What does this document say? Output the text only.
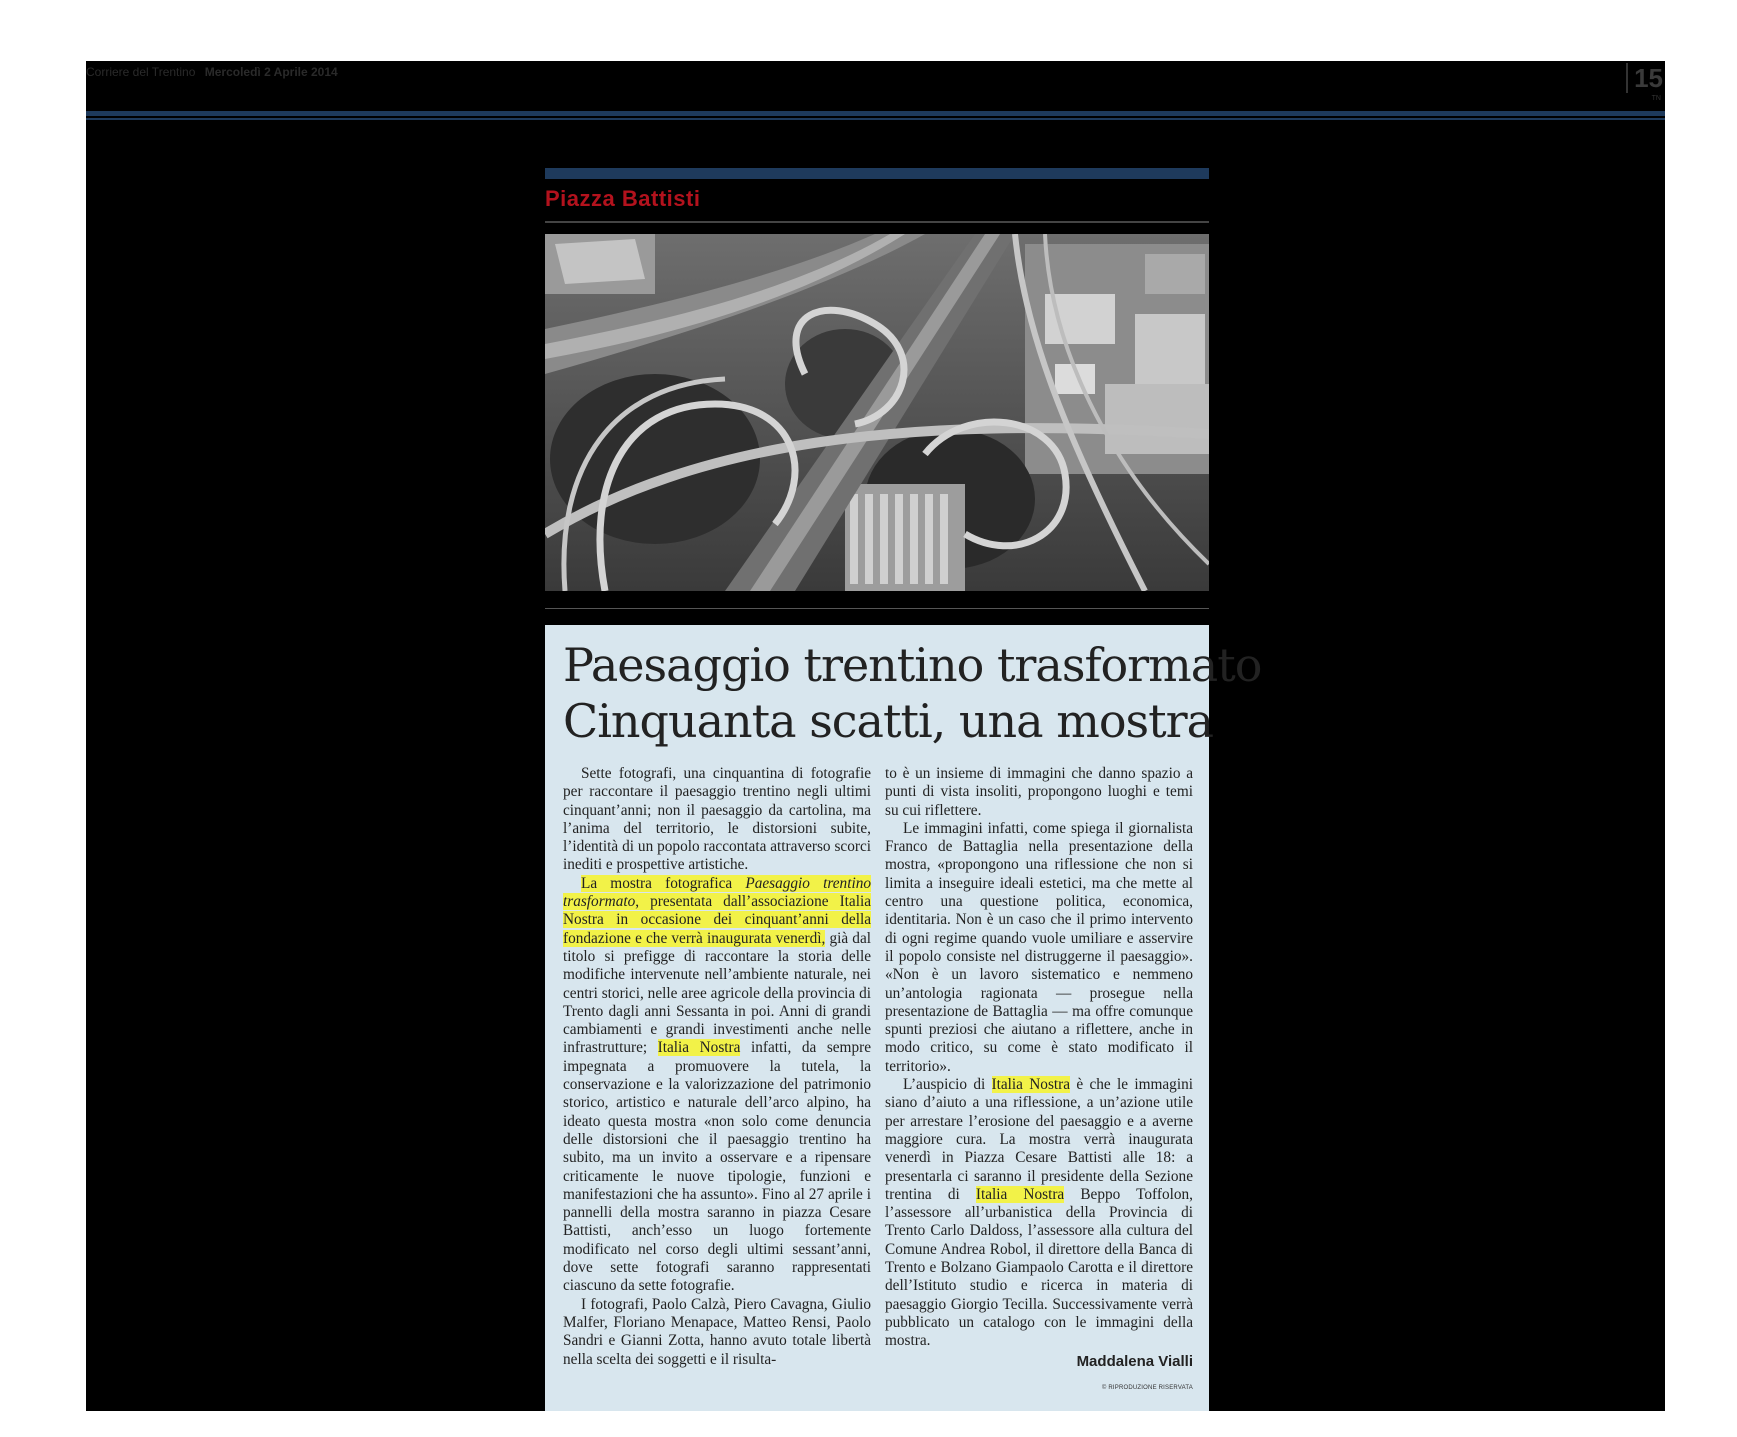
Corriere del Trentino Mercoledì 2 Aprile 2014	15
TN
Piazza Battisti
Paesaggio trentino trasformato
Cinquanta scatti, una mostra

Sette fotografi, una cinquantina di fotografie per raccontare il paesaggio trentino negli ultimi cinquant’anni; non il paesaggio da cartolina, ma l’anima del territorio, le distorsioni subite, l’identità di un popolo raccontata attraverso scorci inediti e prospettive artistiche.

La mostra fotografica Paesaggio trentino trasformato, presentata dall’associazione Italia Nostra in occasione dei cinquant’anni della fondazione e che verrà inaugurata venerdì, già dal titolo si prefigge di raccontare la storia delle modifiche intervenute nell’ambiente naturale, nei centri storici, nelle aree agricole della provincia di Trento dagli anni Sessanta in poi. Anni di grandi cambiamenti e grandi investimenti anche nelle infrastrutture; Italia Nostra infatti, da sempre impegnata a promuovere la tutela, la conservazione e la valorizzazione del patrimonio storico, artistico e naturale dell’arco alpino, ha ideato questa mostra «non solo come denuncia delle distorsioni che il paesaggio trentino ha subito, ma un invito a osservare e a ripensare criticamente le nuove tipologie, funzioni e manifestazioni che ha assunto». Fino al 27 aprile i pannelli della mostra saranno in piazza Cesare Battisti, anch’esso un luogo fortemente modificato nel corso degli ultimi sessant’anni, dove sette fotografi saranno rappresentati ciascuno da sette fotografie.

I fotografi, Paolo Calzà, Piero Cavagna, Giulio Malfer, Floriano Menapace, Matteo Rensi, Paolo Sandri e Gianni Zotta, hanno avuto totale libertà nella scelta dei soggetti e il risulta-

to è un insieme di immagini che danno spazio a punti di vista insoliti, propongono luoghi e temi su cui riflettere.

Le immagini infatti, come spiega il giornalista Franco de Battaglia nella presentazione della mostra, «propongono una riflessione che non si limita a inseguire ideali estetici, ma che mette al centro una questione politica, economica, identitaria. Non è un caso che il primo intervento di ogni regime quando vuole umiliare e asservire il popolo consiste nel distruggerne il paesaggio». «Non è un lavoro sistematico e nemmeno un’antologia ragionata — prosegue nella presentazione de Battaglia — ma offre comunque spunti preziosi che aiutano a riflettere, anche in modo critico, su come è stato modificato il territorio».

L’auspicio di Italia Nostra è che le immagini siano d’aiuto a una riflessione, a un’azione utile per arrestare l’erosione del paesaggio e a averne maggiore cura. La mostra verrà inaugurata venerdì in Piazza Cesare Battisti alle 18: a presentarla ci saranno il presidente della Sezione trentina di Italia Nostra Beppo Toffolon, l’assessore all’urbanistica della Provincia di Trento Carlo Daldoss, l’assessore alla cultura del Comune Andrea Robol, il direttore della Banca di Trento e Bolzano Giampaolo Carotta e il direttore dell’Istituto studio e ricerca in materia di paesaggio Giorgio Tecilla. Successivamente verrà pubblicato un catalogo con le immagini della mostra.

Maddalena Vialli
© RIPRODUZIONE RISERVATA
